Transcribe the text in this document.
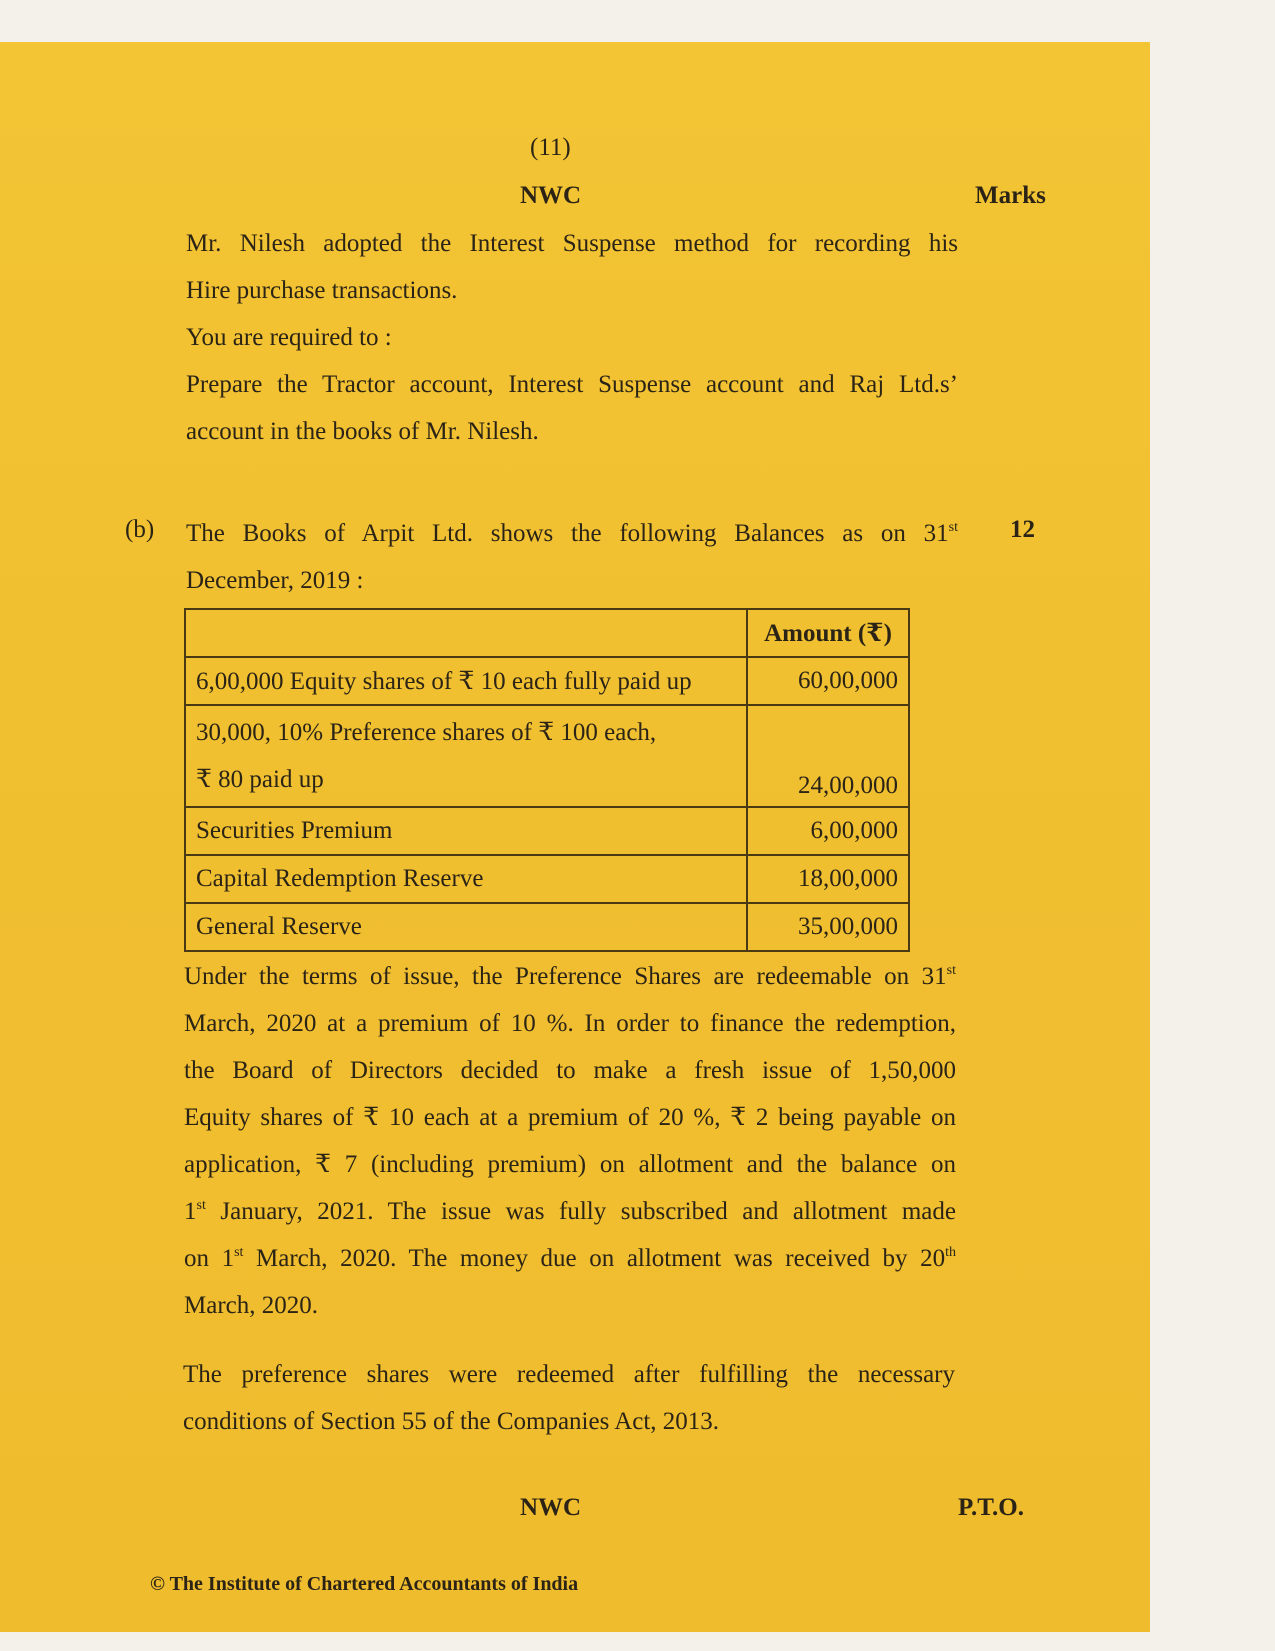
(11)
NWC	Marks
Mr. Nilesh adopted the Interest Suspense method for recording his
Hire purchase transactions.
You are required to :
Prepare the Tractor account, Interest Suspense account and Raj Ltd.s’
account in the books of Mr. Nilesh.
(b)	12
The Books of Arpit Ltd. shows the following Balances as on 31st
December, 2019 :
	Amount (₹)
6,00,000 Equity shares of ₹ 10 each fully paid up	60,00,000
30,000, 10% Preference shares of ₹ 100 each,
₹ 80 paid up	24,00,000
Securities Premium	6,00,000
Capital Redemption Reserve	18,00,000
General Reserve	35,00,000
Under the terms of issue, the Preference Shares are redeemable on 31st
March, 2020 at a premium of 10 %. In order to finance the redemption,
the Board of Directors decided to make a fresh issue of 1,50,000
Equity shares of ₹ 10 each at a premium of 20 %, ₹ 2 being payable on
application, ₹ 7 (including premium) on allotment and the balance on
1st January, 2021. The issue was fully subscribed and allotment made
on 1st March, 2020. The money due on allotment was received by 20th
March, 2020.
The preference shares were redeemed after fulfilling the necessary
conditions of Section 55 of the Companies Act, 2013.
NWC	P.T.O.
© The Institute of Chartered Accountants of India
